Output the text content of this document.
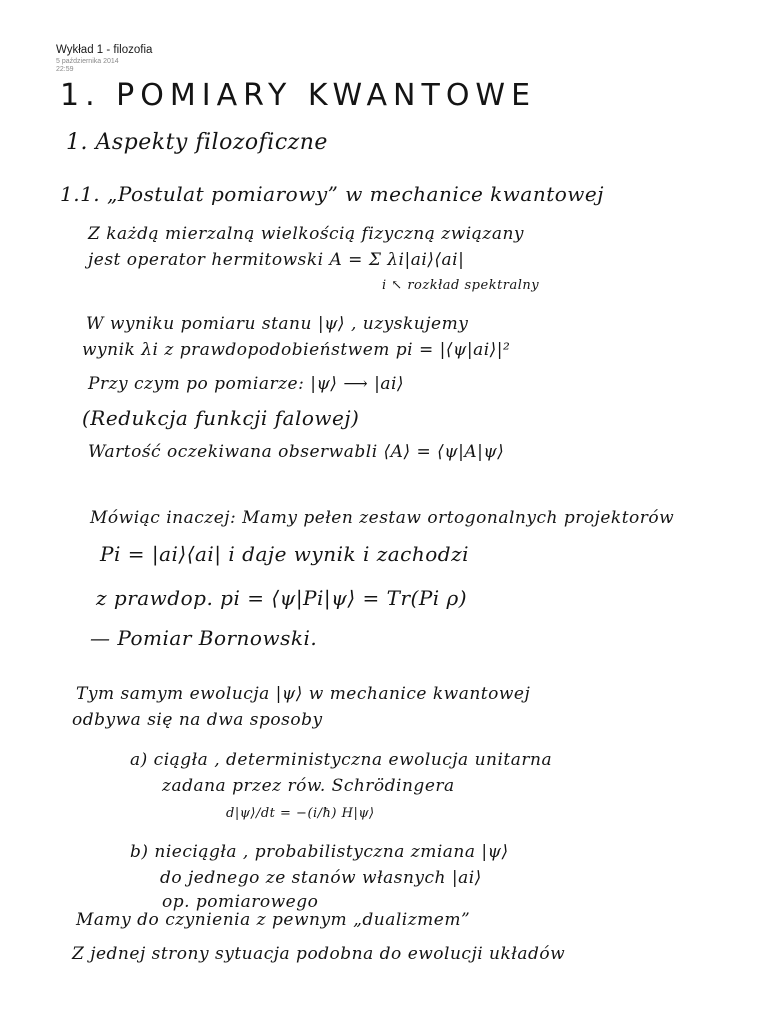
Wykład 1 - filozofia
5 października 2014
22:59
1. POMIARY KWANTOWE
1. Aspekty filozoficzne
1.1. „Postulat pomiarowy” w mechanice kwantowej
Z każdą mierzalną wielkością fizyczną związany
jest operator hermitowski A = Σ λi|ai⟩⟨ai|
i ↖ rozkład spektralny
W wyniku pomiaru stanu |ψ⟩ , uzyskujemy
wynik λi z prawdopodobieństwem pi = |⟨ψ|ai⟩|²
Przy czym po pomiarze: |ψ⟩ ⟶ |ai⟩
(Redukcja funkcji falowej)
Wartość oczekiwana obserwabli ⟨A⟩ = ⟨ψ|A|ψ⟩
Mówiąc inaczej: Mamy pełen zestaw ortogonalnych projektorów
Pi = |ai⟩⟨ai| i daje wynik i zachodzi
z prawdop. pi = ⟨ψ|Pi|ψ⟩ = Tr(Pi ρ)
— Pomiar Bornowski.
Tym samym ewolucja |ψ⟩ w mechanice kwantowej
odbywa się na dwa sposoby
a) ciągła , deterministyczna ewolucja unitarna
zadana przez rów. Schrödingera
d|ψ⟩/dt = −(i/ħ) H|ψ⟩
b) nieciągła , probabilistyczna zmiana |ψ⟩
do jednego ze stanów własnych |ai⟩
op. pomiarowego
Mamy do czynienia z pewnym „dualizmem”
Z jednej strony sytuacja podobna do ewolucji układów
